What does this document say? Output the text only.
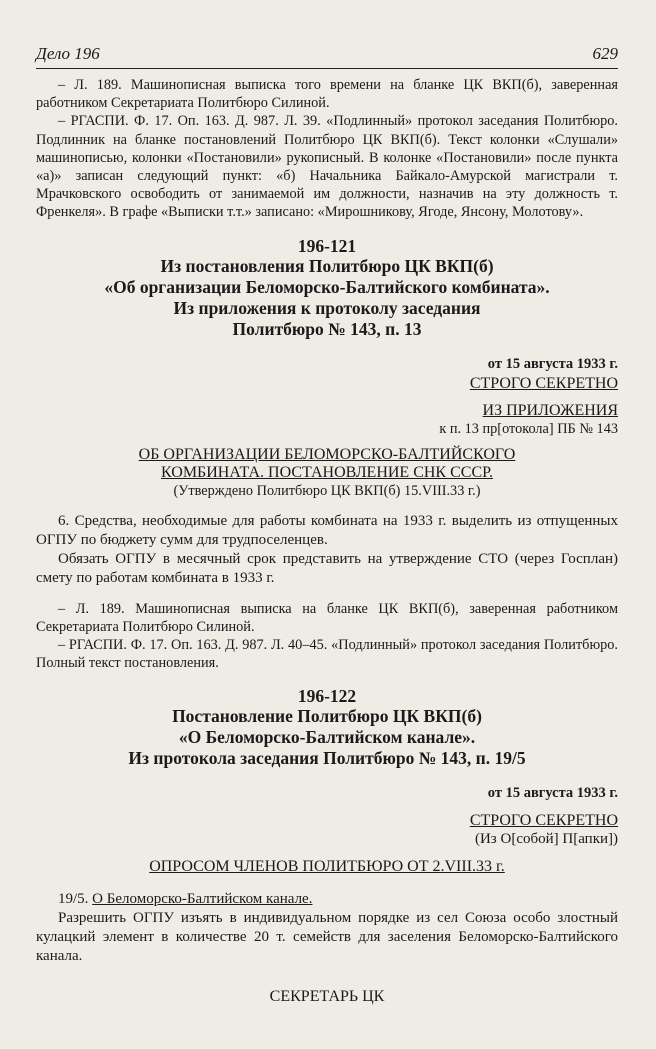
Дело 196	629

– Л. 189. Машинописная выписка того времени на бланке ЦК ВКП(б), заверенная работником Секретариата Политбюро Силиной.

– РГАСПИ. Ф. 17. Оп. 163. Д. 987. Л. 39. «Подлинный» протокол заседания Политбюро. Подлинник на бланке постановлений Политбюро ЦК ВКП(б). Текст колонки «Слушали» машинописью, колонки «Постановили» рукописный. В колонке «Постановили» после пункта «а)» записан следующий пункт: «б) Начальника Байкало-Амурской магистрали т. Мрачковского освободить от занимаемой им должности, назначив на эту должность т. Френкеля». В графе «Выписки т.т.» записано: «Мирошникову, Ягоде, Янсону, Молотову».

196-121

Из постановления Политбюро ЦК ВКП(б)

«Об организации Беломорско-Балтийского комбината».

Из приложения к протоколу заседания

Политбюро № 143, п. 13

от 15 августа 1933 г.

СТРОГО СЕКРЕТНО

ИЗ ПРИЛОЖЕНИЯ

к п. 13 пр[отокола] ПБ № 143

ОБ ОРГАНИЗАЦИИ БЕЛОМОРСКО-БАЛТИЙСКОГО

КОМБИНАТА. ПОСТАНОВЛЕНИЕ СНК СССР.

(Утверждено Политбюро ЦК ВКП(б) 15.VIII.33 г.)

6. Средства, необходимые для работы комбината на 1933 г. выделить из отпущенных ОГПУ по бюджету сумм для трудпоселенцев.

Обязать ОГПУ в месячный срок представить на утверждение СТО (через Госплан) смету по работам комбината в 1933 г.

– Л. 189. Машинописная выписка на бланке ЦК ВКП(б), заверенная работником Секретариата Политбюро Силиной.

– РГАСПИ. Ф. 17. Оп. 163. Д. 987. Л. 40–45. «Подлинный» протокол заседания Политбюро. Полный текст постановления.

196-122

Постановление Политбюро ЦК ВКП(б)

«О Беломорско-Балтийском канале».

Из протокола заседания Политбюро № 143, п. 19/5

от 15 августа 1933 г.

СТРОГО СЕКРЕТНО

(Из О[собой] П[апки])

ОПРОСОМ ЧЛЕНОВ ПОЛИТБЮРО ОТ 2.VIII.33 г.

19/5. О Беломорско-Балтийском канале.

Разрешить ОГПУ изъять в индивидуальном порядке из сел Союза особо злостный кулацкий элемент в количестве 20 т. семейств для заселения Беломорско-Балтийского канала.

СЕКРЕТАРЬ ЦК
